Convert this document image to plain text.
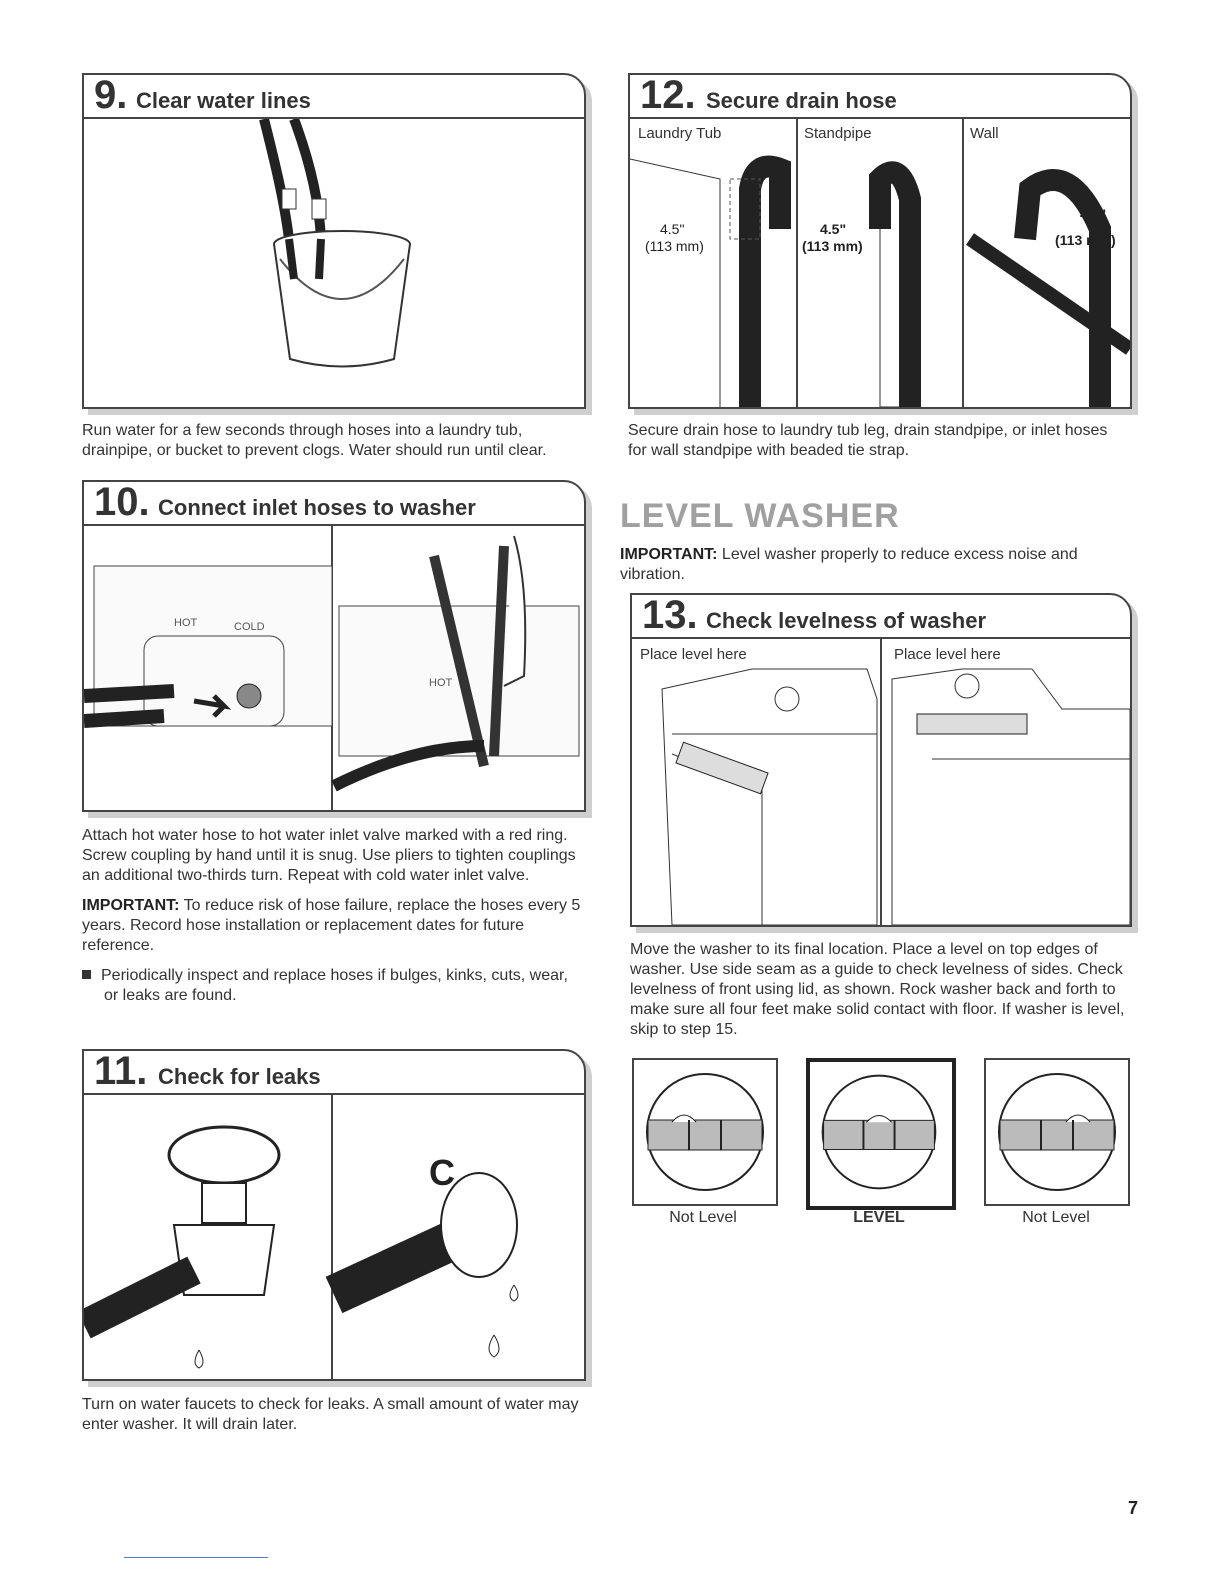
9. Clear water lines
Run water for a few seconds through hoses into a laundry tub, drainpipe, or bucket to prevent clogs. Water should run until clear.
10. Connect inlet hoses to washer
HOT	COLD
HOT

Attach hot water hose to hot water inlet valve marked with a red ring. Screw coupling by hand until it is snug. Use pliers to tighten couplings an additional two-thirds turn. Repeat with cold water inlet valve.

IMPORTANT: To reduce risk of hose failure, replace the hoses every 5 years. Record hose installation or replacement dates for future reference.

Periodically inspect and replace hoses if bulges, kinks, cuts, wear, or leaks are found.

11. Check for leaks
C
Turn on water faucets to check for leaks. A small amount of water may enter washer. It will drain later.
12. Secure drain hose
4.5"
(113 mm)
4.5"
(113 mm)
4.5"
(113 mm)
Laundry Tub	Standpipe	Wall
Secure drain hose to laundry tub leg, drain standpipe, or inlet hoses for wall standpipe with beaded tie strap.
LEVEL WASHER
IMPORTANT: Level washer properly to reduce excess noise and vibration.
13. Check levelness of washer
Place level here	Place level here
Move the washer to its final location. Place a level on top edges of washer. Use side seam as a guide to check levelness of sides. Check levelness of front using lid, as shown. Rock washer back and forth to make sure all four feet make solid contact with floor. If washer is level, skip to step 15.
Not Level	LEVEL	Not Level
7
